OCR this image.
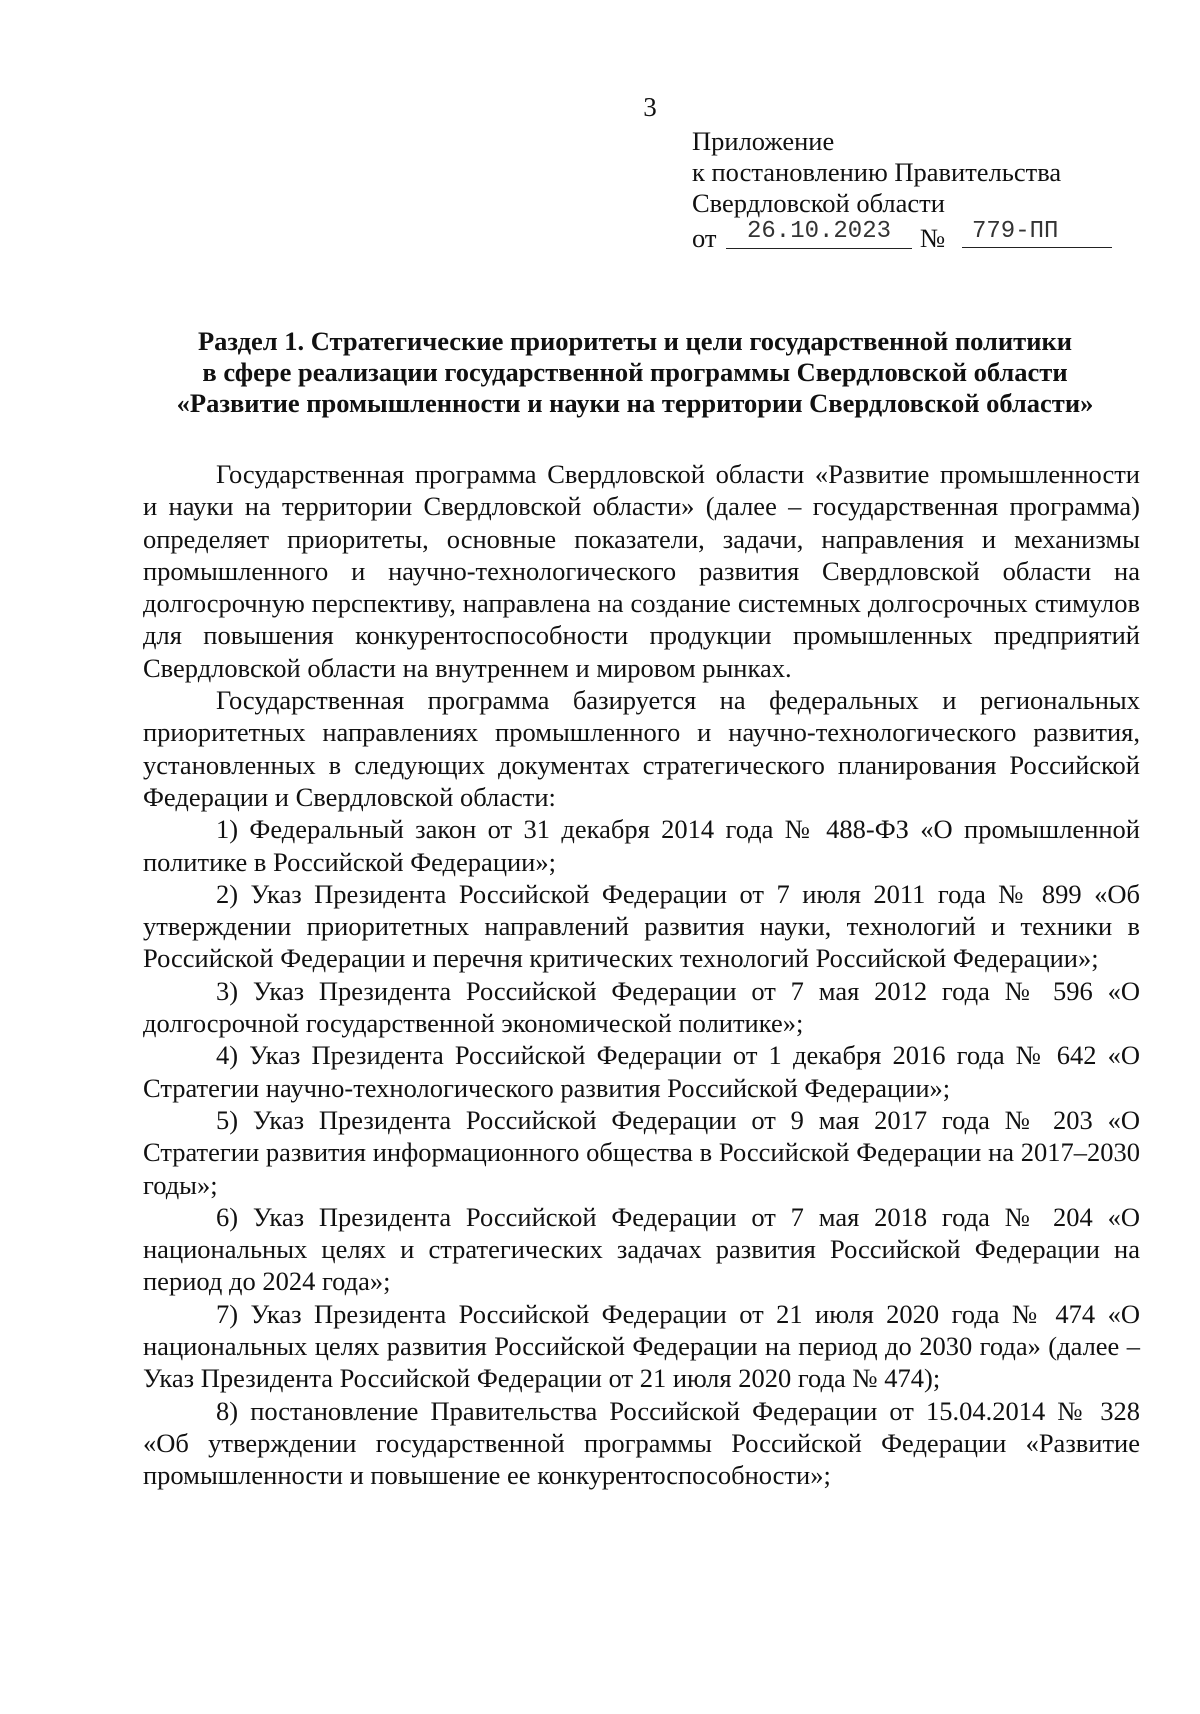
3
Приложение
к постановлению Правительства
Свердловской области
от	26.10.2023	№	779-ПП
Раздел 1. Стратегические приоритеты и цели государственной политики
в сфере реализации государственной программы Свердловской области
«Развитие промышленности и науки на территории Свердловской области»

Государственная программа Свердловской области «Развитие промышленности и науки на территории Свердловской области» (далее – государственная программа) определяет приоритеты, основные показатели, задачи, направления и механизмы промышленного и научно-технологического развития Свердловской области на долгосрочную перспективу, направлена на создание системных долгосрочных стимулов для повышения конкурентоспособности продукции промышленных предприятий Свердловской области на внутреннем и мировом рынках.

Государственная программа базируется на федеральных и региональных приоритетных направлениях промышленного и научно-технологического развития, установленных в следующих документах стратегического планирования Российской Федерации и Свердловской области:

1) Федеральный закон от 31 декабря 2014 года № 488-ФЗ «О промышленной политике в Российской Федерации»;

2) Указ Президента Российской Федерации от 7 июля 2011 года № 899 «Об утверждении приоритетных направлений развития науки, технологий и техники в Российской Федерации и перечня критических технологий Российской Федерации»;

3) Указ Президента Российской Федерации от 7 мая 2012 года № 596 «О долгосрочной государственной экономической политике»;

4) Указ Президента Российской Федерации от 1 декабря 2016 года № 642 «О Стратегии научно-технологического развития Российской Федерации»;

5) Указ Президента Российской Федерации от 9 мая 2017 года № 203 «О Стратегии развития информационного общества в Российской Федерации на 2017–2030 годы»;

6) Указ Президента Российской Федерации от 7 мая 2018 года № 204 «О национальных целях и стратегических задачах развития Российской Федерации на период до 2024 года»;

7) Указ Президента Российской Федерации от 21 июля 2020 года № 474 «О национальных целях развития Российской Федерации на период до 2030 года» (далее – Указ Президента Российской Федерации от 21 июля 2020 года № 474);

8) постановление Правительства Российской Федерации от 15.04.2014 № 328 «Об утверждении государственной программы Российской Федерации «Развитие промышленности и повышение ее конкурентоспособности»;
